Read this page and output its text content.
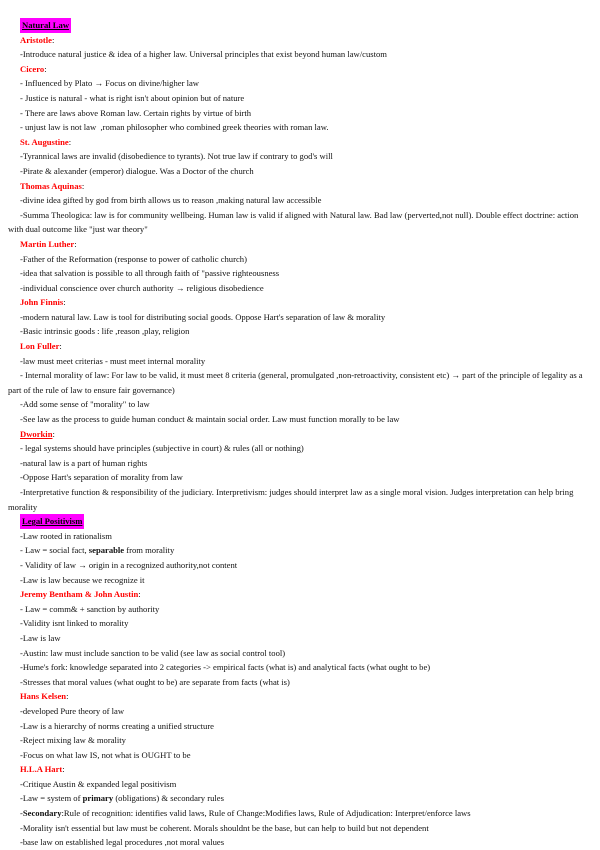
Natural Law
Aristotle:
-Introduce natural justice & idea of a higher law. Universal principles that exist beyond human law/custom
Cicero:
- Influenced by Plato → Focus on divine/higher law
- Justice is natural - what is right isn't about opinion but of nature
- There are laws above Roman law. Certain rights by virtue of birth
- unjust law is not law  ,roman philosopher who combined greek theories with roman law.
St. Augustine:
-Tyrannical laws are invalid (disobedience to tyrants). Not true law if contrary to god's will
-Pirate & alexander (emperor) dialogue. Was a Doctor of the church
Thomas Aquinas:
-divine idea gifted by god from birth allows us to reason ,making natural law accessible
-Summa Theologica: law is for community wellbeing. Human law is valid if aligned with Natural law. Bad law (perverted,not null). Double effect doctrine: action with dual outcome like "just war theory"
Martin Luther:
-Father of the Reformation (response to power of catholic church)
-idea that salvation is possible to all through faith of "passive righteousness
-individual conscience over church authority → religious disobedience
John Finnis:
-modern natural law. Law is tool for distributing social goods. Oppose Hart's separation of law & morality
-Basic intrinsic goods : life ,reason ,play, religion
Lon Fuller:
-law must meet criterias - must meet internal morality
- Internal morality of law: For law to be valid, it must meet 8 criteria (general, promulgated ,non-retroactivity, consistent etc) → part of the principle of legality as a part of the rule of law to ensure fair governance)
-Add some sense of "morality" to law
-See law as the process to guide human conduct & maintain social order. Law must function morally to be law
Dworkin:
- legal systems should have principles (subjective in court) & rules (all or nothing)
-natural law is a part of human rights
-Oppose Hart's separation of morality from law
-Interpretative function & responsibility of the judiciary. Interpretivism: judges should interpret law as a single moral vision. Judges interpretation can help bring morality
Legal Positivism
-Law rooted in rationalism
- Law = social fact, separable from morality
- Validity of law → origin in a recognized authority,not content
-Law is law because we recognize it
Jeremy Bentham & John Austin:
- Law = comm& + sanction by authority
-Validity isnt linked to morality
-Law is law
-Austin: law must include sanction to be valid (see law as social control tool)
-Hume's fork: knowledge separated into 2 categories -> empirical facts (what is) and analytical facts (what ought to be)
-Stresses that moral values (what ought to be) are separate from facts (what is)
Hans Kelsen:
-developed Pure theory of law
-Law is a hierarchy of norms creating a unified structure
-Reject mixing law & morality
-Focus on what law IS, not what is OUGHT to be
H.L.A Hart:
-Critique Austin & expanded legal positivism
-Law = system of primary (obligations) & secondary rules
-Secondary:Rule of recognition: identifies valid laws, Rule of Change:Modifies laws, Rule of Adjudication: Interpret/enforce laws
-Morality isn't essential but law must be coherent. Morals shouldnt be the base, but can help to build but not dependent
-base law on established legal procedures ,not moral values
